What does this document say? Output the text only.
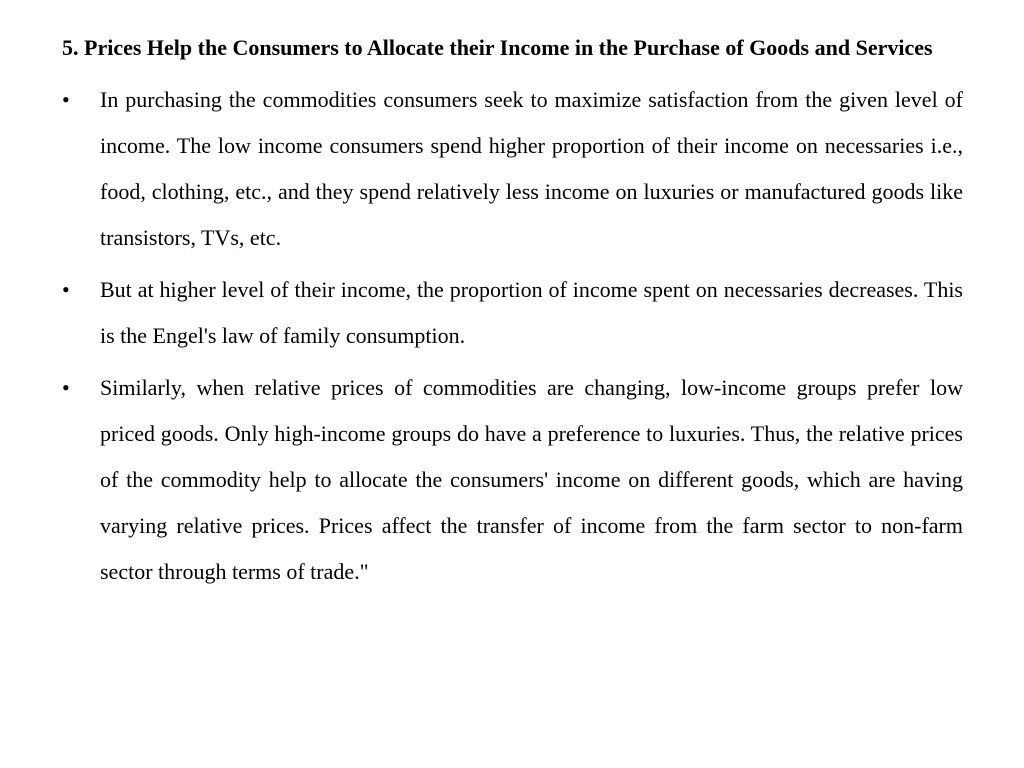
5. Prices Help the Consumers to Allocate their Income in the Purchase of Goods and Services

• In purchasing the commodities consumers seek to maximize satisfaction from the given level of income. The low income consumers spend higher proportion of their income on necessaries i.e., food, clothing, etc., and they spend relatively less income on luxuries or manufactured goods like transistors, TVs, etc.
• But at higher level of their income, the proportion of income spent on necessaries decreases. This is the Engel's law of family consumption.
• Similarly, when relative prices of commodities are changing, low-income groups prefer low priced goods. Only high-income groups do have a preference to luxuries. Thus, the relative prices of the commodity help to allocate the consumers' income on different goods, which are having varying relative prices. Prices affect the transfer of income from the farm sector to non-farm sector through terms of trade."
